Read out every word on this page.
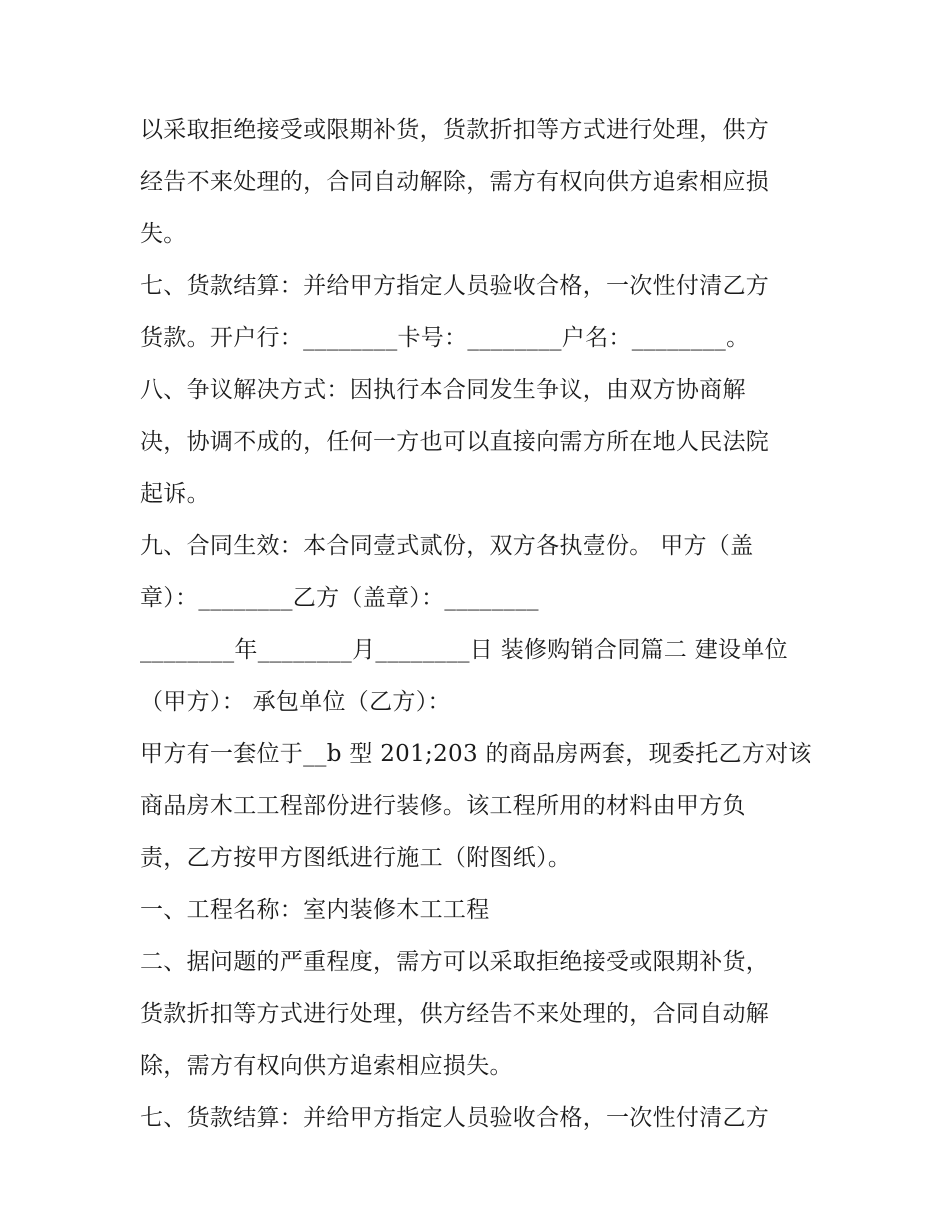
以采取拒绝接受或限期补货，货款折扣等方式进行处理，供方
经告不来处理的，合同自动解除，需方有权向供方追索相应损
失。
七、货款结算：并给甲方指定人员验收合格，一次性付清乙方
货款。开户行：________卡号：________户名：________。
八、争议解决方式：因执行本合同发生争议，由双方协商解
决，协调不成的，任何一方也可以直接向需方所在地人民法院
起诉。
九、合同生效：本合同壹式贰份，双方各执壹份。 甲方（盖
章）：________乙方（盖章）：________
________年________月________日 装修购销合同篇二 建设单位
（甲方）： 承包单位（乙方）：
甲方有一套位于__b 型 201;203 的商品房两套，现委托乙方对该
商品房木工工程部份进行装修。该工程所用的材料由甲方负
责，乙方按甲方图纸进行施工（附图纸）。
一、工程名称：室内装修木工工程
二、据问题的严重程度，需方可以采取拒绝接受或限期补货，
货款折扣等方式进行处理，供方经告不来处理的，合同自动解
除，需方有权向供方追索相应损失。
七、货款结算：并给甲方指定人员验收合格，一次性付清乙方
